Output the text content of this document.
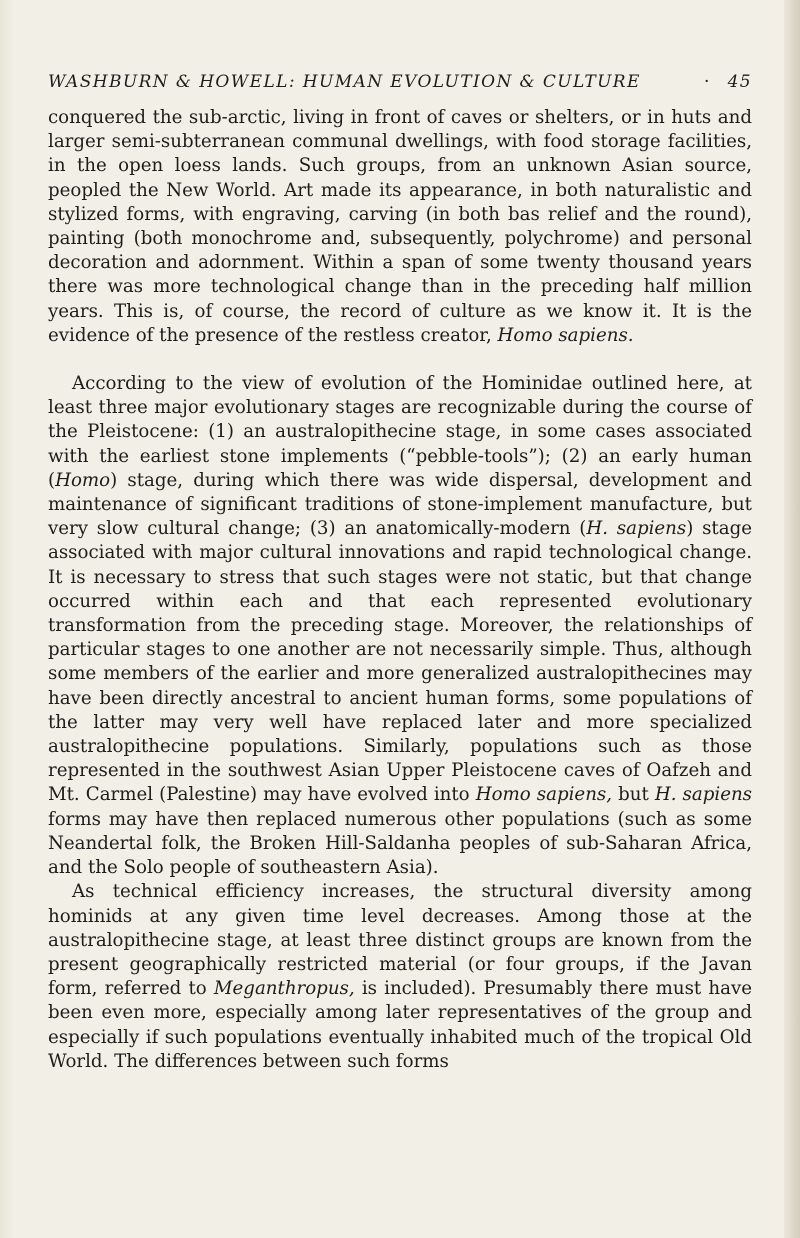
WASHBURN & HOWELL: HUMAN EVOLUTION & CULTURE	· 45

conquered the sub-arctic, living in front of caves or shelters, or in huts and larger semi-subterranean communal dwellings, with food storage facilities, in the open loess lands. Such groups, from an unknown Asian source, peopled the New World. Art made its appearance, in both naturalistic and stylized forms, with engraving, carving (in both bas relief and the round), painting (both monochrome and, subsequently, polychrome) and personal decoration and adornment. Within a span of some twenty thousand years there was more technological change than in the preceding half million years. This is, of course, the record of culture as we know it. It is the evidence of the presence of the restless creator, Homo sapiens.

According to the view of evolution of the Hominidae outlined here, at least three major evolutionary stages are recognizable during the course of the Pleistocene: (1) an australopithecine stage, in some cases associated with the earliest stone implements (“pebble-tools”); (2) an early human (Homo) stage, during which there was wide dispersal, development and maintenance of significant traditions of stone-implement manufacture, but very slow cultural change; (3) an anatomically-modern (H. sapiens) stage associated with major cultural innovations and rapid technological change. It is necessary to stress that such stages were not static, but that change occurred within each and that each represented evolutionary transformation from the preceding stage. Moreover, the relationships of particular stages to one another are not necessarily simple. Thus, although some members of the earlier and more generalized australopithecines may have been directly ancestral to ancient human forms, some populations of the latter may very well have replaced later and more specialized australopithecine populations. Similarly, populations such as those represented in the southwest Asian Upper Pleistocene caves of Oafzeh and Mt. Carmel (Palestine) may have evolved into Homo sapiens, but H. sapiens forms may have then replaced numerous other populations (such as some Neandertal folk, the Broken Hill-Saldanha peoples of sub-Saharan Africa, and the Solo people of southeastern Asia).

As technical efficiency increases, the structural diversity among hominids at any given time level decreases. Among those at the australopithecine stage, at least three distinct groups are known from the present geographically restricted material (or four groups, if the Javan form, referred to Meganthropus, is included). Presumably there must have been even more, especially among later representatives of the group and especially if such populations eventually inhabited much of the tropical Old World. The differences between such forms
